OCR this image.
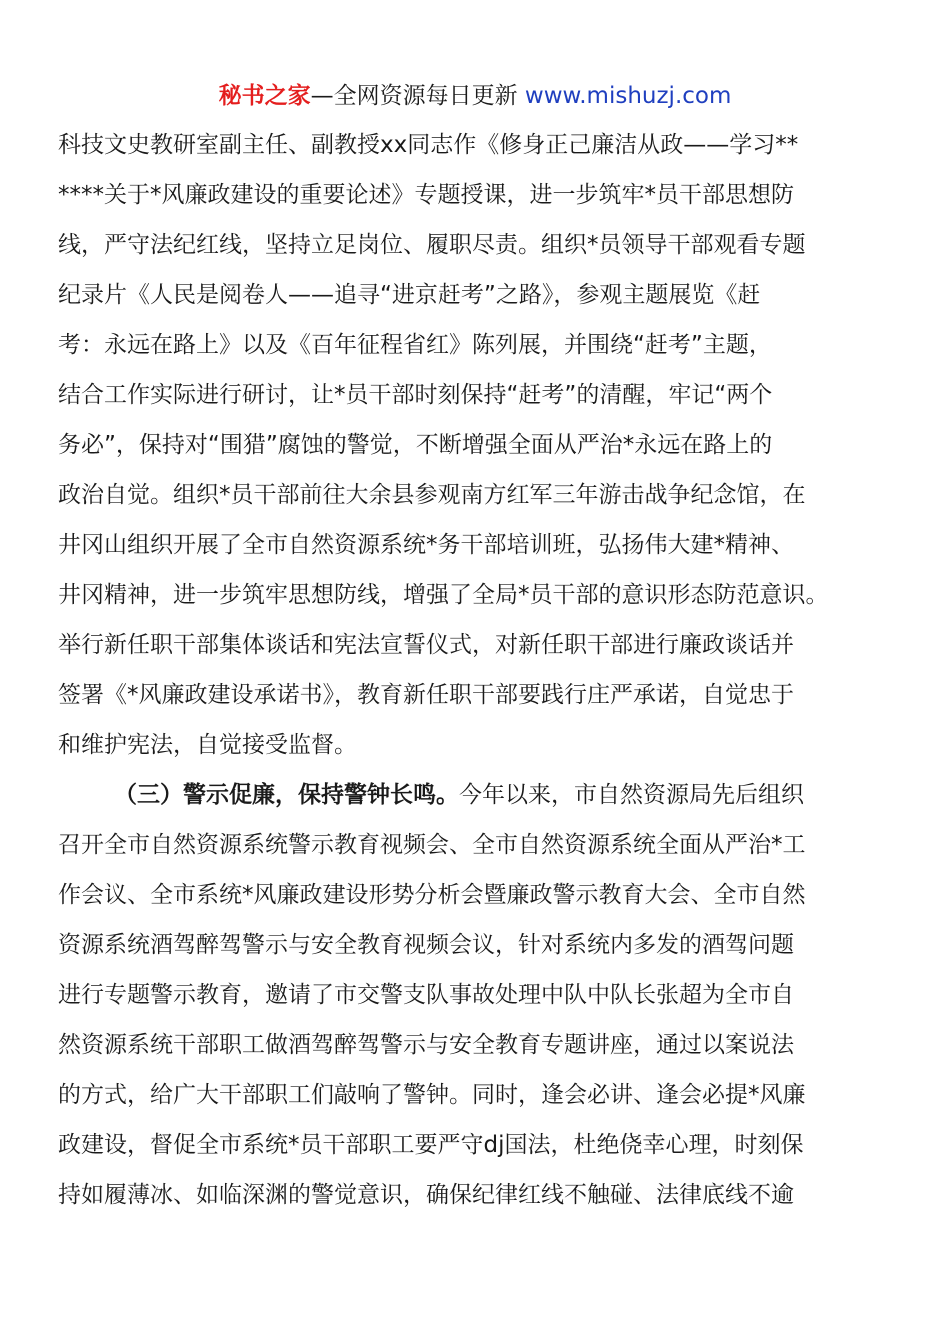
秘书之家—全网资源每日更新 www.mishuzj.com
科技文史教研室副主任、副教授xx同志作《修身正己廉洁从政——学习**
****关于*风廉政建设的重要论述》专题授课，进一步筑牢*员干部思想防
线，严守法纪红线，坚持立足岗位、履职尽责。组织*员领导干部观看专题
纪录片《人民是阅卷人——追寻“进京赶考”之路》，参观主题展览《赶
考：永远在路上》以及《百年征程省红》陈列展，并围绕“赶考”主题，
结合工作实际进行研讨，让*员干部时刻保持“赶考”的清醒，牢记“两个
务必”，保持对“围猎”腐蚀的警觉，不断增强全面从严治*永远在路上的
政治自觉。组织*员干部前往大余县参观南方红军三年游击战争纪念馆，在
井冈山组织开展了全市自然资源系统*务干部培训班，弘扬伟大建*精神、
井冈精神，进一步筑牢思想防线，增强了全局*员干部的意识形态防范意识。
举行新任职干部集体谈话和宪法宣誓仪式，对新任职干部进行廉政谈话并
签署《*风廉政建设承诺书》，教育新任职干部要践行庄严承诺，自觉忠于
和维护宪法，自觉接受监督。
（三）警示促廉，保持警钟长鸣。今年以来，市自然资源局先后组织
召开全市自然资源系统警示教育视频会、全市自然资源系统全面从严治*工
作会议、全市系统*风廉政建设形势分析会暨廉政警示教育大会、全市自然
资源系统酒驾醉驾警示与安全教育视频会议，针对系统内多发的酒驾问题
进行专题警示教育，邀请了市交警支队事故处理中队中队长张超为全市自
然资源系统干部职工做酒驾醉驾警示与安全教育专题讲座，通过以案说法
的方式，给广大干部职工们敲响了警钟。同时，逢会必讲、逢会必提*风廉
政建设，督促全市系统*员干部职工要严守dj国法，杜绝侥幸心理，时刻保
持如履薄冰、如临深渊的警觉意识，确保纪律红线不触碰、法律底线不逾
